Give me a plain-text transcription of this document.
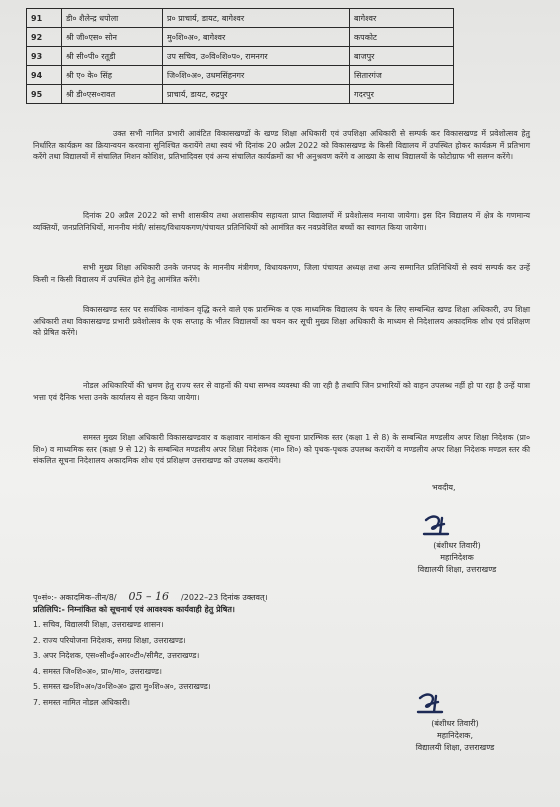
91	डी० शैलेन्द्र धपोला	प्र० प्राचार्य, डायट, बागेश्वर	बागेश्वर
92	श्री जी०एस० सोन	मु०शि०अ०, बागेश्वर	कपकोट
93	श्री सी०पी० रतूडी	उप सचिव, उ०वि०शि०प०, रामनगर	बाजपुर
94	श्री ए० के० सिंह	जि०शि०अ०, उधमसिंहनगर	सितारगंज
95	श्री डी०एस०रावत	प्राचार्य, डायट, रुद्रपुर	गदरपुर
उक्त सभी नामित प्रभारी आवंटित विकासखण्डों के खण्ड शिक्षा अधिकारी एवं उपशिक्षा अधिकारी से सम्पर्क कर विकासखण्ड में प्रवेशोत्सव हेतु निर्धारित कार्यक्रम का क्रियान्वयन करवाना सुनिश्चित करायेंगे तथा स्वयं भी दिनांक 20 अप्रैल 2022 को विकासखण्ड के किसी विद्यालय में उपस्थित होकर कार्यक्रम में प्रतिभाग करेंगे तथा विद्यालयों में संचालित मिशन कोशिश, प्रतिभादिवस एवं अन्य संचालित कार्यक्रमों का भी अनुश्रवण करेंगे व आख्या के साथ विद्यालयों के फोटोग्राफ भी सलग्न करेंगे।
दिनांक 20 अप्रैल 2022 को सभी शासकीय तथा अशासकीय सहायता प्राप्त विद्यालयों में प्रवेशोत्सव मनाया जायेगा। इस दिन विद्यालय में क्षेत्र के गणमान्य व्यक्तियों, जनप्रतिनिधियों, माननीय मंत्री/ सांसद/विधायकगण/पंचायत प्रतिनिधियों को आमंत्रित कर नवप्रवेशित बच्चों का स्वागत किया जायेगा।
सभी मुख्य शिक्षा अधिकारी उनके जनपद के माननीय मंत्रीगण, विधायकगण, जिला पंचायत अध्यक्ष तथा अन्य सम्मानित प्रतिनिधियों से स्वयं सम्पर्क कर उन्हें किसी न किसी विद्यालय में उपस्थित होने हेतु आमंत्रित करेंगे।
विकासखण्ड स्तर पर सर्वाधिक नामांकन वृद्धि करने वाले एक प्रारम्भिक व एक माध्यमिक विद्यालय के चयन के लिए सम्बन्धित खण्ड शिक्षा अधिकारी, उप शिक्षा अधिकारी तथा विकासखण्ड प्रभारी प्रवेशोत्सव के एक सप्ताह के भीतर विद्यालयों का चयन कर सूची मुख्य शिक्षा अधिकारी के माध्यम से निदेशालय अकादमिक शोध एवं प्रशिक्षण को प्रेषित करेंगे।
नोडल अधिकारियों की भ्रमण हेतु राज्य स्तर से वाहनों की यथा सम्भव व्यवस्था की जा रही है तथापि जिन प्रभारियों को वाहन उपलब्ध नहीं हो पा रहा है उन्हें यात्रा भत्ता एवं दैनिक भत्ता उनके कार्यालय से वहन किया जायेगा।
समस्त मुख्य शिक्षा अधिकारी विकासखण्डवार व कक्षावार नामांकन की सूचना प्रारम्भिक स्तर (कक्षा 1 से 8) के सम्बन्धित मण्डलीय अपर शिक्षा निदेशक (प्रा० शि०) व माध्यमिक स्तर (कक्षा 9 से 12) के सम्बन्धित मण्डलीय अपर शिक्षा निदेशक (मा० शि०) को पृथक-पृथक उपलब्ध करायेंगे व मण्डलीय अपर शिक्षा निदेशक मण्डल स्तर की संकलित सूचना निदेशालय अकादमिक शोध एवं प्रशिक्षण उत्तराखण्ड को उपलब्ध करायेंगे।
भवदीय,
(बंशीधर तिवारी)
महानिदेशक
विद्यालयी शिक्षा, उत्तराखण्ड
पृ०सं०:- अकादमिक–तीन/8/ 05 – 16 /2022–23 दिनांक उक्तवत्।
प्रतिलिपि:- निम्नांकित को सूचनार्थ एवं आवश्यक कार्यवाही हेतु प्रेषित।
1. सचिव, विद्यालयी शिक्षा, उत्तराखण्ड शासन।
2. राज्य परियोजना निदेशक, समग्र शिक्षा, उत्तराखण्ड।
3. अपर निदेशक, एस०सी०ई०आर०टी०/सीमैट, उत्तराखण्ड।
4. समस्त जि०शि०अ०, प्रा०/मा०, उत्तराखण्ड।
5. समस्त ख०शि०अ०/उ०शि०अ० द्वारा मु०शि०अ०, उत्तराखण्ड।
7. समस्त नामित नोडल अधिकारी।
(बंशीधर तिवारी)
महानिदेशक,
विद्यालयी शिक्षा, उत्तराखण्ड
